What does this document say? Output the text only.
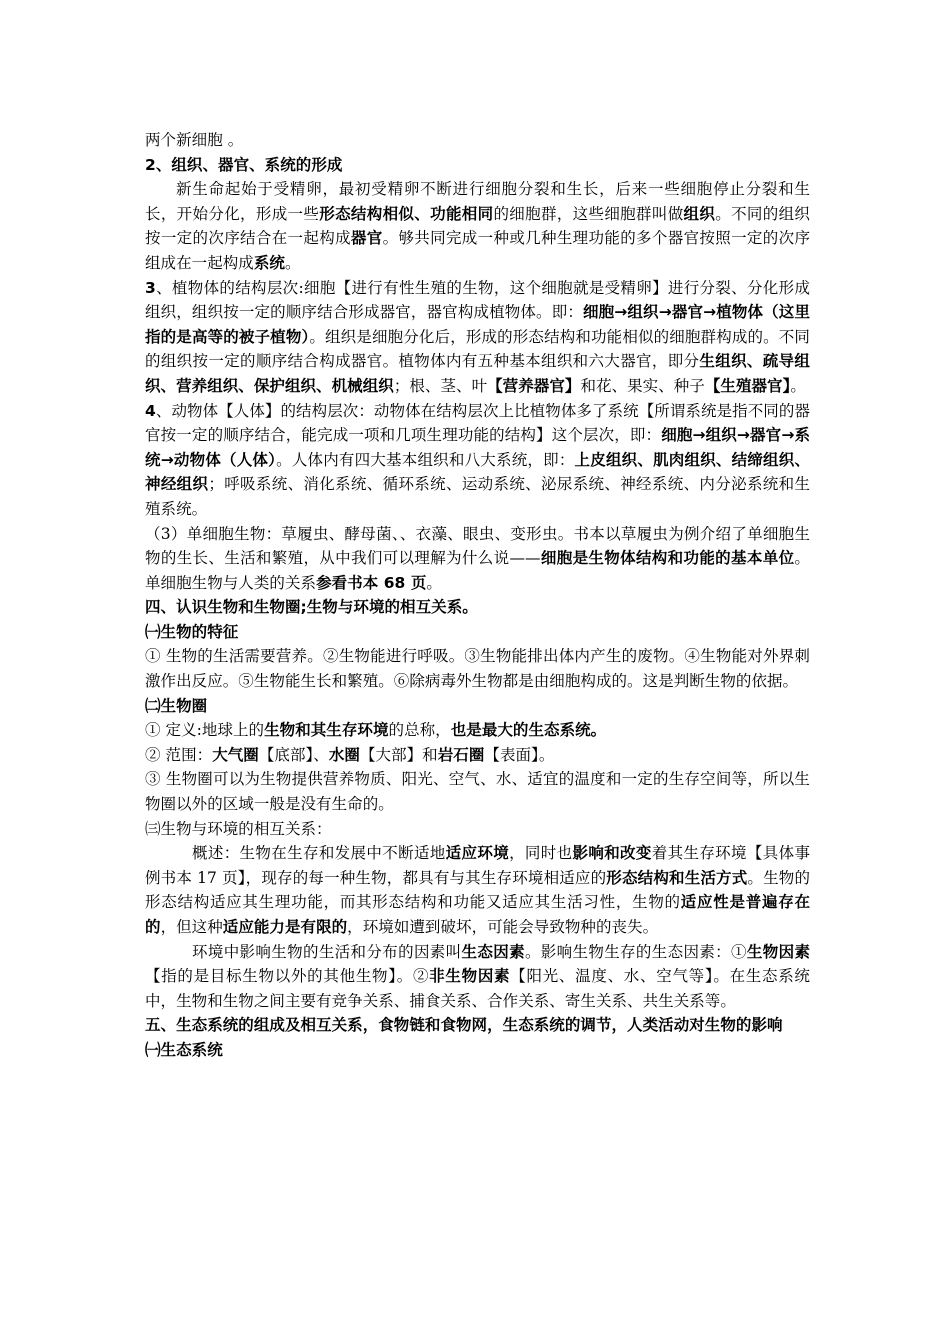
两个新细胞 。

2、组织、器官、系统的形成

新生命起始于受精卵，最初受精卵不断进行细胞分裂和生长，后来一些细胞停止分裂和生长，开始分化，形成一些形态结构相似、功能相同的细胞群，这些细胞群叫做组织。不同的组织按一定的次序结合在一起构成器官。够共同完成一种或几种生理功能的多个器官按照一定的次序组成在一起构成系统。

3、植物体的结构层次:细胞【进行有性生殖的生物，这个细胞就是受精卵】进行分裂、分化形成组织，组织按一定的顺序结合形成器官，器官构成植物体。即：细胞→组织→器官→植物体（这里指的是高等的被子植物）。组织是细胞分化后，形成的形态结构和功能相似的细胞群构成的。不同的组织按一定的顺序结合构成器官。植物体内有五种基本组织和六大器官，即分生组织、疏导组织、营养组织、保护组织、机械组织；根、茎、叶【营养器官】和花、果实、种子【生殖器官】。

4、动物体【人体】的结构层次：动物体在结构层次上比植物体多了系统【所谓系统是指不同的器官按一定的顺序结合，能完成一项和几项生理功能的结构】这个层次，即：细胞→组织→器官→系统→动物体（人体）。人体内有四大基本组织和八大系统，即：上皮组织、肌肉组织、结缔组织、神经组织；呼吸系统、消化系统、循环系统、运动系统、泌尿系统、神经系统、内分泌系统和生殖系统。

（3）单细胞生物：草履虫、酵母菌、、衣藻、眼虫、变形虫。书本以草履虫为例介绍了单细胞生物的生长、生活和繁殖，从中我们可以理解为什么说——细胞是生物体结构和功能的基本单位。单细胞生物与人类的关系参看书本 68 页。

四、认识生物和生物圈;生物与环境的相互关系。

㈠生物的特征

① 生物的生活需要营养。②生物能进行呼吸。③生物能排出体内产生的废物。④生物能对外界刺激作出反应。⑤生物能生长和繁殖。⑥除病毒外生物都是由细胞构成的。这是判断生物的依据。

㈡生物圈

① 定义:地球上的生物和其生存环境的总称，也是最大的生态系统。

② 范围：大气圈【底部】、水圈【大部】和岩石圈【表面】。

③ 生物圈可以为生物提供营养物质、阳光、空气、水、适宜的温度和一定的生存空间等，所以生物圈以外的区域一般是没有生命的。

㈢生物与环境的相互关系：

概述：生物在生存和发展中不断适地适应环境，同时也影响和改变着其生存环境【具体事例书本 17 页】，现存的每一种生物，都具有与其生存环境相适应的形态结构和生活方式。生物的形态结构适应其生理功能，而其形态结构和功能又适应其生活习性，生物的适应性是普遍存在的，但这种适应能力是有限的，环境如遭到破坏，可能会导致物种的丧失。

环境中影响生物的生活和分布的因素叫生态因素。影响生物生存的生态因素：①生物因素【指的是目标生物以外的其他生物】。②非生物因素【阳光、温度、水、空气等】。在生态系统中，生物和生物之间主要有竞争关系、捕食关系、合作关系、寄生关系、共生关系等。

五、生态系统的组成及相互关系，食物链和食物网，生态系统的调节，人类活动对生物的影响

㈠生态系统
